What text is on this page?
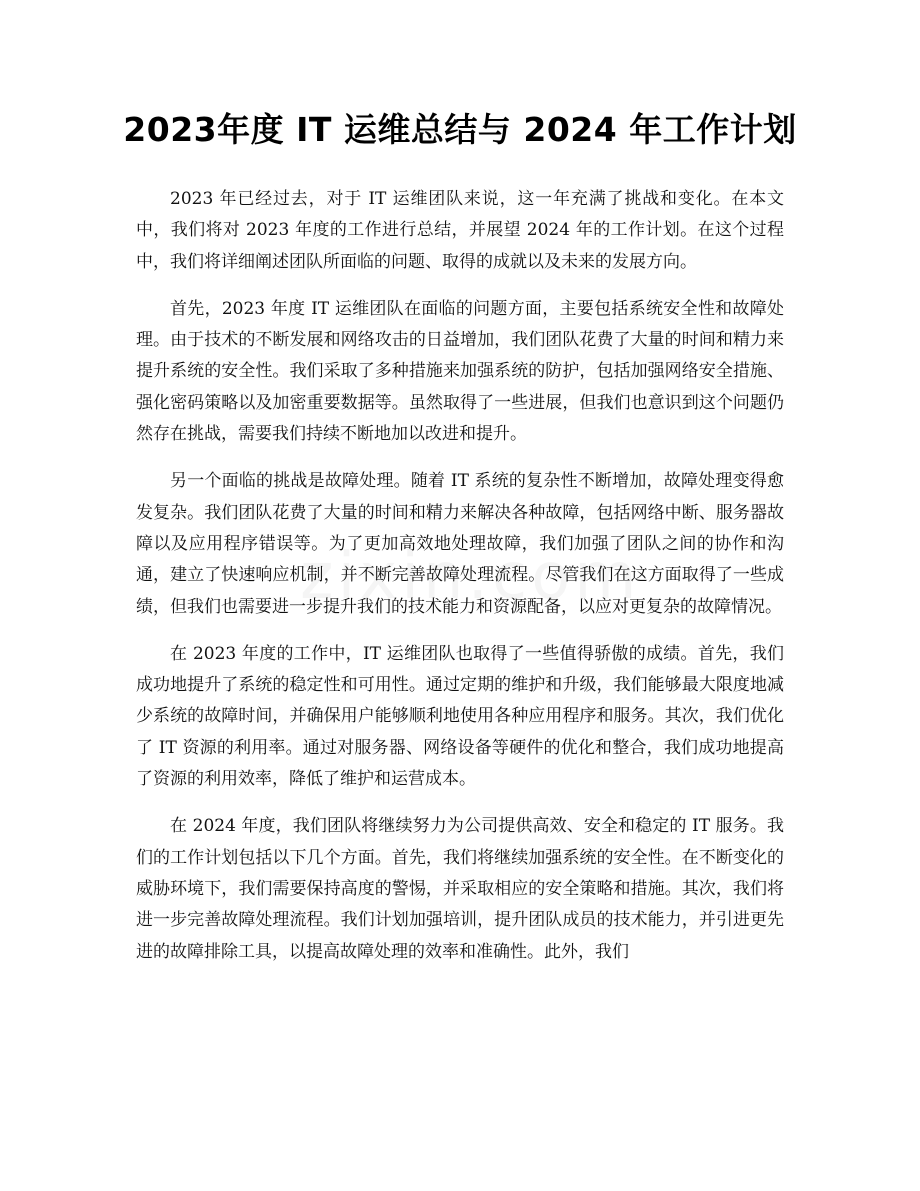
2023年度 IT 运维总结与 2024 年工作计划

2023 年已经过去，对于 IT 运维团队来说，这一年充满了挑战和变化。在本文中，我们将对 2023 年度的工作进行总结，并展望 2024 年的工作计划。在这个过程中，我们将详细阐述团队所面临的问题、取得的成就以及未来的发展方向。

首先，2023 年度 IT 运维团队在面临的问题方面，主要包括系统安全性和故障处理。由于技术的不断发展和网络攻击的日益增加，我们团队花费了大量的时间和精力来提升系统的安全性。我们采取了多种措施来加强系统的防护，包括加强网络安全措施、强化密码策略以及加密重要数据等。虽然取得了一些进展，但我们也意识到这个问题仍然存在挑战，需要我们持续不断地加以改进和提升。

另一个面临的挑战是故障处理。随着 IT 系统的复杂性不断增加，故障处理变得愈发复杂。我们团队花费了大量的时间和精力来解决各种故障，包括网络中断、服务器故障以及应用程序错误等。为了更加高效地处理故障，我们加强了团队之间的协作和沟通，建立了快速响应机制，并不断完善故障处理流程。尽管我们在这方面取得了一些成绩，但我们也需要进一步提升我们的技术能力和资源配备，以应对更复杂的故障情况。

在 2023 年度的工作中，IT 运维团队也取得了一些值得骄傲的成绩。首先，我们成功地提升了系统的稳定性和可用性。通过定期的维护和升级，我们能够最大限度地减少系统的故障时间，并确保用户能够顺利地使用各种应用程序和服务。其次，我们优化了 IT 资源的利用率。通过对服务器、网络设备等硬件的优化和整合，我们成功地提高了资源的利用效率，降低了维护和运营成本。

在 2024 年度，我们团队将继续努力为公司提供高效、安全和稳定的 IT 服务。我们的工作计划包括以下几个方面。首先，我们将继续加强系统的安全性。在不断变化的威胁环境下，我们需要保持高度的警惕，并采取相应的安全策略和措施。其次，我们将进一步完善故障处理流程。我们计划加强培训，提升团队成员的技术能力，并引进更先进的故障排除工具，以提高故障处理的效率和准确性。此外，我们
